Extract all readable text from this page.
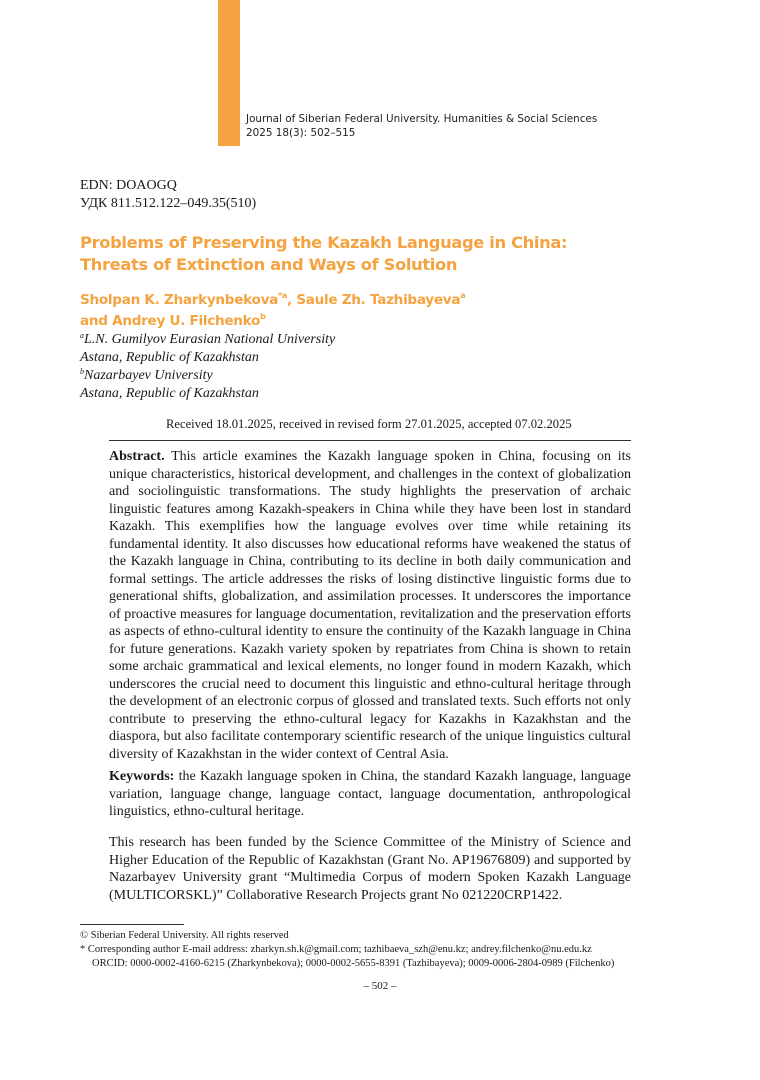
Journal of Siberian Federal University. Humanities & Social Sciences
2025 18(3): 502–515
EDN: DOAOGQ
УДК 811.512.122–049.35(510)
Problems of Preserving the Kazakh Language in China:
Threats of Extinction and Ways of Solution
Sholpan K. Zharkynbekova$^{*a}$, Saule Zh. Tazhibayeva$^a$
and Andrey U. Filchenko$^b$
$^a$L.N. Gumilyov Eurasian National University
Astana, Republic of Kazakhstan
$^b$Nazarbayev University
Astana, Republic of Kazakhstan
Received 18.01.2025, received in revised form 27.01.2025, accepted 07.02.2025
Abstract. This article examines the Kazakh language spoken in China, focusing on its unique characteristics, historical development, and challenges in the context of globalization and sociolinguistic transformations. The study highlights the preservation of archaic linguistic features among Kazakh-speakers in China while they have been lost in standard Kazakh. This exemplifies how the language evolves over time while retaining its fundamental identity. It also discusses how educational reforms have weakened the status of the Kazakh language in China, contributing to its decline in both daily communication and formal settings. The article addresses the risks of losing distinctive linguistic forms due to generational shifts, globalization, and assimilation processes. It underscores the importance of proactive measures for language documentation, revitalization and the preservation efforts as aspects of ethno-cultural identity to ensure the continuity of the Kazakh language in China for future generations. Kazakh variety spoken by repatriates from China is shown to retain some archaic grammatical and lexical elements, no longer found in modern Kazakh, which underscores the crucial need to document this linguistic and ethno-cultural heritage through the development of an electronic corpus of glossed and translated texts. Such efforts not only contribute to preserving the ethno-cultural legacy for Kazakhs in Kazakhstan and the diaspora, but also facilitate contemporary scientific research of the unique linguistics cultural diversity of Kazakhstan in the wider context of Central Asia.
Keywords: the Kazakh language spoken in China, the standard Kazakh language, language variation, language change, language contact, language documentation, anthropological linguistics, ethno-cultural heritage.
This research has been funded by the Science Committee of the Ministry of Science and Higher Education of the Republic of Kazakhstan (Grant No. AP19676809) and supported by Nazarbayev University grant “Multimedia Corpus of modern Spoken Kazakh Language (MULTICORSKL)” Collaborative Research Projects grant No 021220CRP1422.
© Siberian Federal University. All rights reserved
* Corresponding author E-mail address: zharkyn.sh.k@gmail.com; tazhibaeva_szh@enu.kz; andrey.filchenko@nu.edu.kz
ORCID: 0000-0002-4160-6215 (Zharkynbekova); 0000-0002-5655-8391 (Tazhibayeva); 0009-0006-2804-0989 (Filchenko)
– 502 –
